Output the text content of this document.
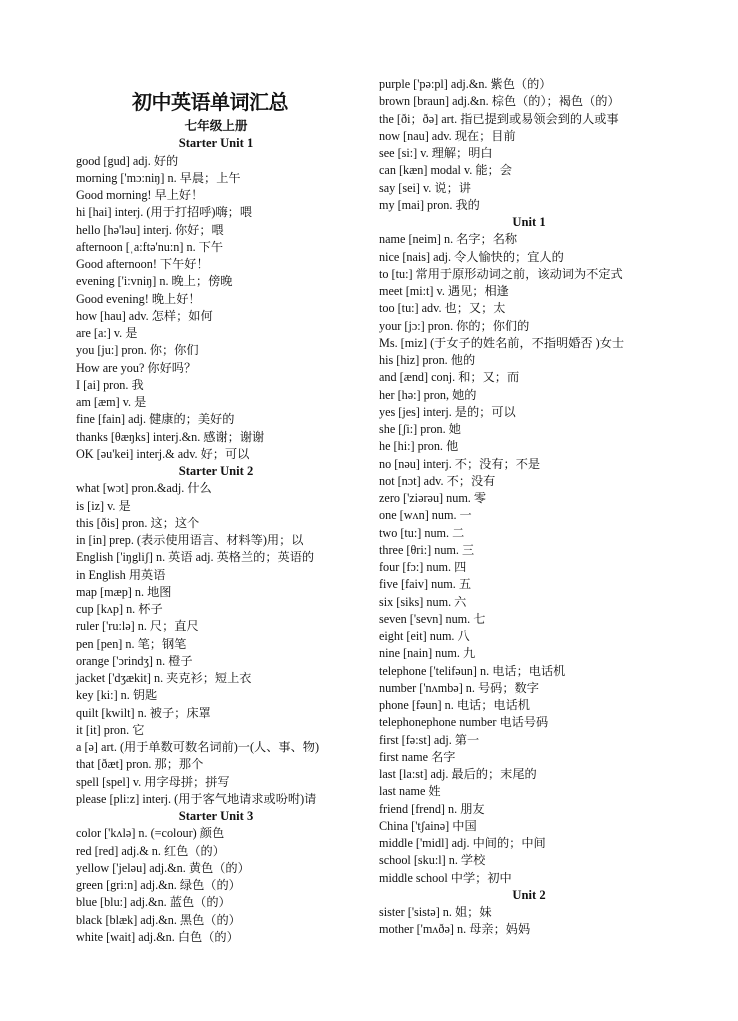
初中英语单词汇总
七年级上册
Starter Unit 1
good [gud] adj. 好的
morning ['mɔ:niŋ] n. 早晨；上午
Good morning! 早上好！
hi [hai] interj. (用于打招呼)嗨；喂
hello [hə'ləu] interj. 你好；喂
afternoon [ˌa:ftə'nu:n] n. 下午
Good afternoon! 下午好！
evening ['i:vniŋ] n. 晚上；傍晚
Good evening! 晚上好！
how [hau] adv. 怎样；如何
are [a:] v. 是
you [ju:] pron. 你；你们
How are you? 你好吗？
I [ai] pron. 我
am [æm] v. 是
fine [fain] adj. 健康的；美好的
thanks [θæŋks] interj.&n. 感谢；谢谢
OK [əu'kei] interj.& adv. 好；可以
Starter Unit 2
what [wɔt] pron.&adj. 什么
is [iz] v. 是
this [ðis] pron. 这；这个
in [in] prep. (表示使用语言、材料等)用；以
English ['iŋgliʃ] n. 英语 adj. 英格兰的；英语的
in English 用英语
map [mæp] n. 地图
cup [kʌp] n. 杯子
ruler ['ru:lə] n. 尺；直尺
pen [pen] n. 笔；钢笔
orange ['ɔrindʒ] n. 橙子
jacket ['dʒækit] n. 夹克衫；短上衣
key [ki:] n. 钥匙
quilt [kwilt] n. 被子；床罩
it [it] pron. 它
a [ə] art. (用于单数可数名词前)一(人、事、物)
that [ðæt] pron. 那；那个
spell [spel] v. 用字母拼；拼写
please [pli:z] interj. (用于客气地请求或吩咐)请
Starter Unit 3
color ['kʌlə] n. (=colour) 颜色
red [red] adj.& n. 红色（的）
yellow ['jeləu] adj.&n. 黄色（的）
green [gri:n] adj.&n. 绿色（的）
blue [blu:] adj.&n. 蓝色（的）
black [blæk] adj.&n. 黑色（的）
white [wait] adj.&n. 白色（的）
purple ['pə:pl] adj.&n. 紫色（的）
brown [braun] adj.&n. 棕色（的）；褐色（的）
the [ði；ðə] art. 指已提到或易领会到的人或事
now [nau] adv. 现在；目前
see [si:] v. 理解；明白
can [kæn] modal v. 能；会
say [sei] v. 说；讲
my [mai] pron. 我的
Unit 1
name [neim] n. 名字；名称
nice [nais] adj. 令人愉快的；宜人的
to [tu:] 常用于原形动词之前，该动词为不定式
meet [mi:t] v. 遇见；相逢
too [tu:] adv. 也；又；太
your [jɔ:] pron. 你的；你们的
Ms. [miz] (于女子的姓名前，不指明婚否 )女士
his [hiz] pron. 他的
and [ænd] conj. 和；又；而
her [hə:] pron, 她的
yes [jes] interj. 是的；可以
she [ʃi:] pron. 她
he [hi:] pron. 他
no [nəu] interj. 不；没有；不是
not [nɔt] adv. 不；没有
zero ['ziərəu] num. 零
one [wʌn] num. 一
two [tu:] num. 二
three [θri:] num. 三
four [fɔ:] num. 四
five [faiv] num. 五
six [siks] num. 六
seven ['sevn] num. 七
eight [eit] num. 八
nine [nain] num. 九
telephone ['telifəun] n. 电话；电话机
number ['nʌmbə] n. 号码；数字
phone [fəun] n. 电话；电话机
telephonephone number 电话号码
first [fə:st] adj. 第一
first name 名字
last [la:st] adj. 最后的；末尾的
last name 姓
friend [frend] n. 朋友
China ['tʃainə] 中国
middle ['midl] adj. 中间的；中间
school [sku:l] n. 学校
middle school 中学；初中
Unit 2
sister ['sistə] n. 姐；妹
mother ['mʌðə] n. 母亲；妈妈
